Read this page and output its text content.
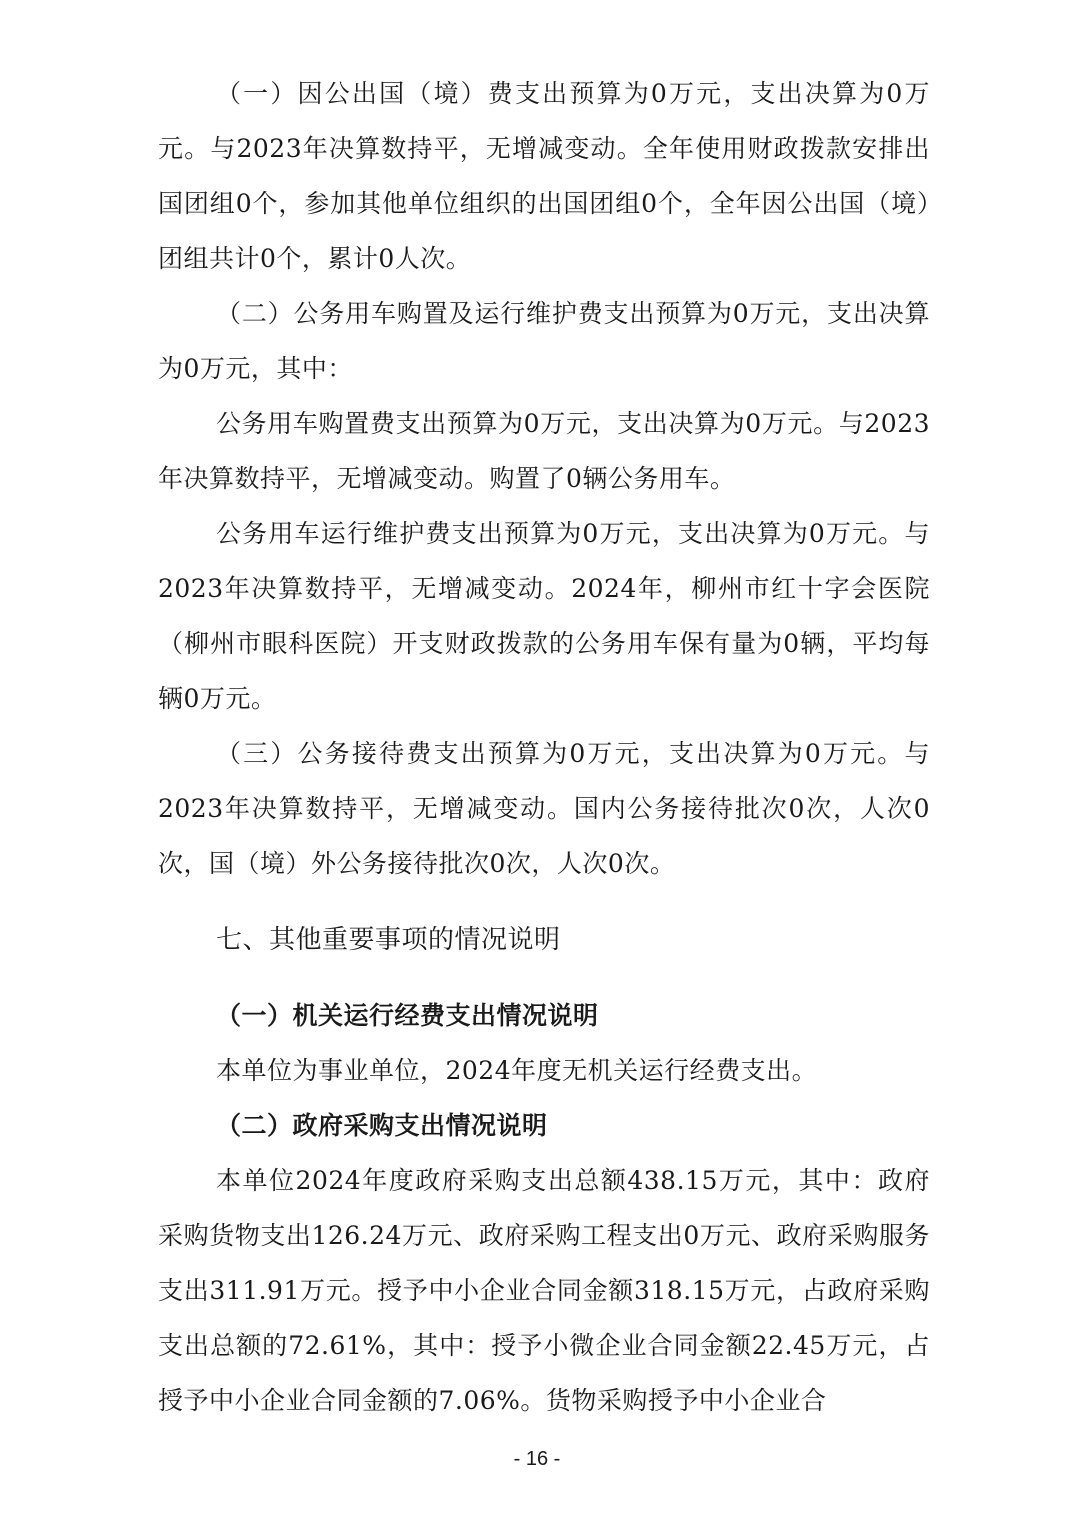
（一）因公出国（境）费支出预算为0万元，支出决算为0万元。与2023年决算数持平，无增减变动。全年使用财政拨款安排出国团组0个，参加其他单位组织的出国团组0个，全年因公出国（境）团组共计0个，累计0人次。

（二）公务用车购置及运行维护费支出预算为0万元，支出决算为0万元，其中：

公务用车购置费支出预算为0万元，支出决算为0万元。与2023年决算数持平，无增减变动。购置了0辆公务用车。

公务用车运行维护费支出预算为0万元，支出决算为0万元。与2023年决算数持平，无增减变动。2024年，柳州市红十字会医院（柳州市眼科医院）开支财政拨款的公务用车保有量为0辆，平均每辆0万元。

（三）公务接待费支出预算为0万元，支出决算为0万元。与2023年决算数持平，无增减变动。国内公务接待批次0次，人次0次，国（境）外公务接待批次0次，人次0次。

七、其他重要事项的情况说明
（一）机关运行经费支出情况说明

本单位为事业单位，2024年度无机关运行经费支出。

（二）政府采购支出情况说明

本单位2024年度政府采购支出总额438.15万元，其中：政府采购货物支出126.24万元、政府采购工程支出0万元、政府采购服务支出311.91万元。授予中小企业合同金额318.15万元，占政府采购支出总额的72.61%，其中：授予小微企业合同金额22.45万元，占授予中小企业合同金额的7.06%。货物采购授予中小企业合

- 16 -
